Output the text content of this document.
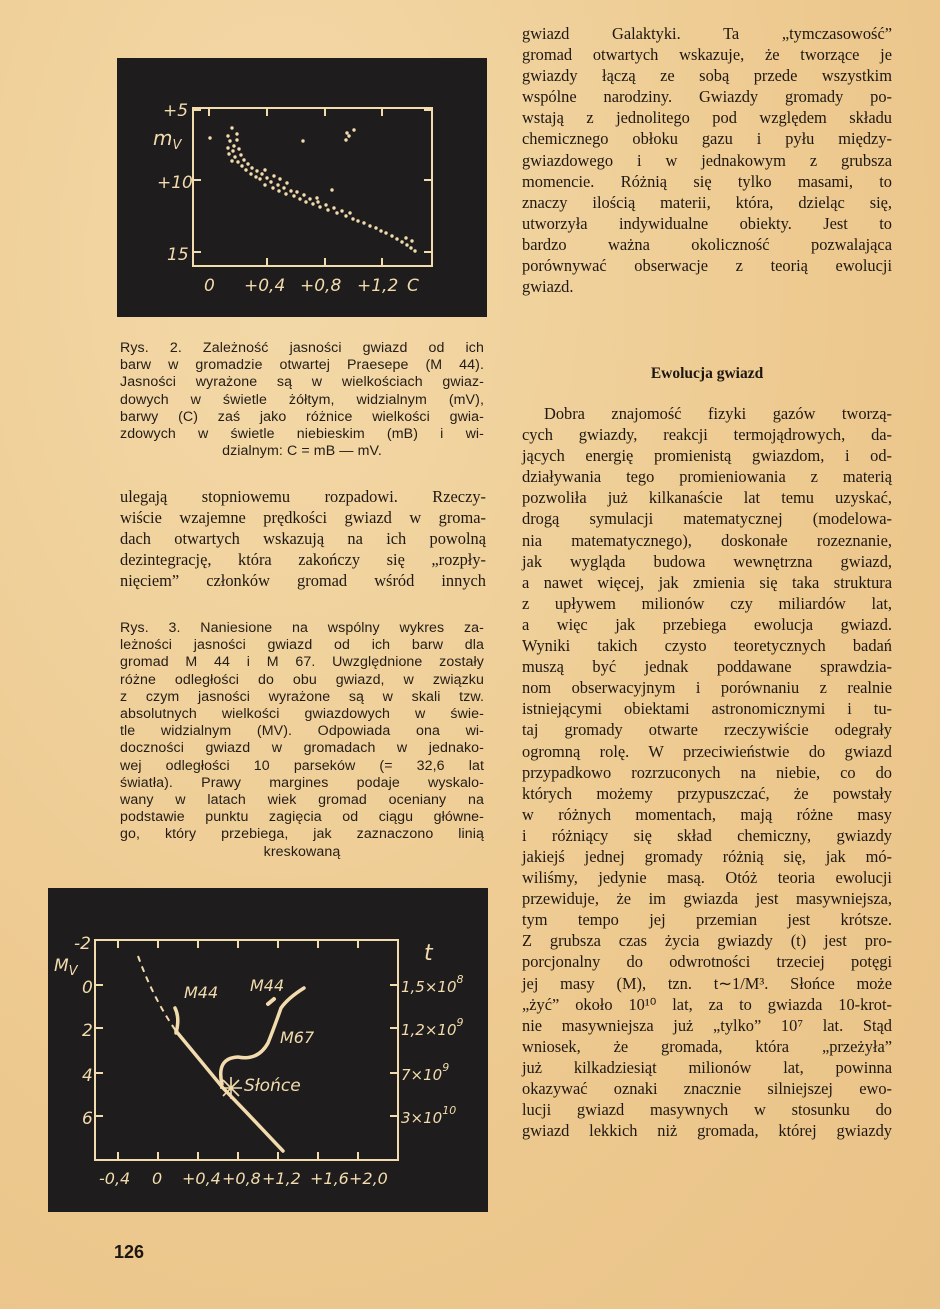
+5
$m_V$
+10
15
0 +0,4 +0,8 +1,2 C
Rys. 2. Zależność jasności gwiazd od ich
barw w gromadzie otwartej Praesepe (M 44).
Jasności wyrażone są w wielkościach gwiaz-
dowych w świetle żółtym, widzialnym (mV),
barwy (C) zaś jako różnice wielkości gwia-
zdowych w świetle niebieskim (mB) i wi-
dzialnym: C = mB — mV.
ulegają stopniowemu rozpadowi. Rzeczy-
wiście wzajemne prędkości gwiazd w groma-
dach otwartych wskazują na ich powolną
dezintegrację, która zakończy się „rozpły-
nięciem” członków gromad wśród innych
Rys. 3. Naniesione na wspólny wykres za-
leżności jasności gwiazd od ich barw dla
gromad M 44 i M 67. Uwzględnione zostały
różne odległości do obu gwiazd, w związku
z czym jasności wyrażone są w skali tzw.
absolutnych wielkości gwiazdowych w świe-
tle widzialnym (MV). Odpowiada ona wi-
doczności gwiazd w gromadach w jednako-
wej odległości 10 parseków (= 32,6 lat
światła). Prawy margines podaje wyskalo-
wany w latach wiek gromad oceniany na
podstawie punktu zagięcia od ciągu główne-
go, który przebiega, jak zaznaczono linią
kreskowaną
-2
$M_V$
0
2
4
6
t
$1,5\times 10^8$
$1,2\times 10^9$
$7\times 10^9$
$3\times 10^{10}$
-0,4 0 +0,4 +0,8 +1,2 +1,6 +2,0
M44 M44
M67
Słońce
126
gwiazd Galaktyki. Ta „tymczasowość”
gromad otwartych wskazuje, że tworzące je
gwiazdy łączą ze sobą przede wszystkim
wspólne narodziny. Gwiazdy gromady po-
wstają z jednolitego pod względem składu
chemicznego obłoku gazu i pyłu między-
gwiazdowego i w jednakowym z grubsza
momencie. Różnią się tylko masami, to
znaczy ilością materii, która, dzieląc się,
utworzyła indywidualne obiekty. Jest to
bardzo ważna okoliczność pozwalająca
porównywać obserwacje z teorią ewolucji
gwiazd.
Ewolucja gwiazd
Dobra znajomość fizyki gazów tworzą-
cych gwiazdy, reakcji termojądrowych, da-
jących energię promienistą gwiazdom, i od-
działywania tego promieniowania z materią
pozwoliła już kilkanaście lat temu uzyskać,
drogą symulacji matematycznej (modelowa-
nia matematycznego), doskonałe rozeznanie,
jak wygląda budowa wewnętrzna gwiazd,
a nawet więcej, jak zmienia się taka struktura
z upływem milionów czy miliardów lat,
a więc jak przebiega ewolucja gwiazd.
Wyniki takich czysto teoretycznych badań
muszą być jednak poddawane sprawdzia-
nom obserwacyjnym i porównaniu z realnie
istniejącymi obiektami astronomicznymi i tu-
taj gromady otwarte rzeczywiście odegrały
ogromną rolę. W przeciwieństwie do gwiazd
przypadkowo rozrzuconych na niebie, co do
których możemy przypuszczać, że powstały
w różnych momentach, mają różne masy
i różniący się skład chemiczny, gwiazdy
jakiejś jednej gromady różnią się, jak mó-
wiliśmy, jedynie masą. Otóż teoria ewolucji
przewiduje, że im gwiazda jest masywniejsza,
tym tempo jej przemian jest krótsze.
Z grubsza czas życia gwiazdy (t) jest pro-
porcjonalny do odwrotności trzeciej potęgi
jej masy (M), tzn. t∼1/M³. Słońce może
„żyć” około 10¹⁰ lat, za to gwiazda 10-krot-
nie masywniejsza już „tylko” 10⁷ lat. Stąd
wniosek, że gromada, która „przeżyła”
już kilkadziesiąt milionów lat, powinna
okazywać oznaki znacznie silniejszej ewo-
lucji gwiazd masywnych w stosunku do
gwiazd lekkich niż gromada, której gwiazdy
